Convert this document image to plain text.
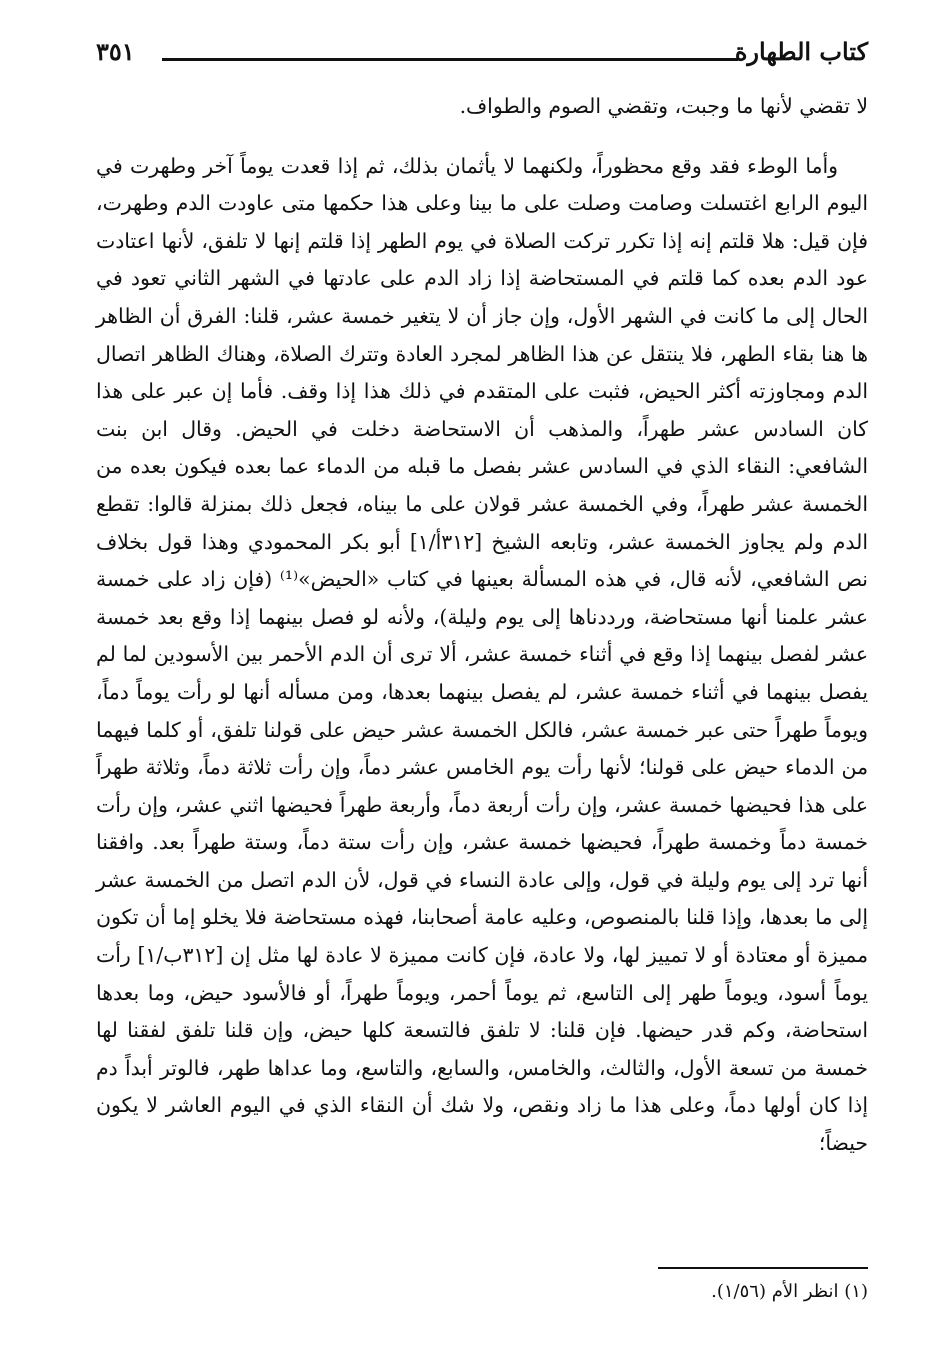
كتاب الطهارة
٣٥١

لا تقضي لأنها ما وجبت، وتقضي الصوم والطواف.

وأما الوطء فقد وقع محظوراً، ولكنهما لا يأثمان بذلك، ثم إذا قعدت يوماً آخر وطهرت في اليوم الرابع اغتسلت وصامت وصلت على ما بينا وعلى هذا حكمها متى عاودت الدم وطهرت، فإن قيل: هلا قلتم إنه إذا تكرر تركت الصلاة في يوم الطهر إذا قلتم إنها لا تلفق، لأنها اعتادت عود الدم بعده كما قلتم في المستحاضة إذا زاد الدم على عادتها في الشهر الثاني تعود في الحال إلى ما كانت في الشهر الأول، وإن جاز أن لا يتغير خمسة عشر، قلنا: الفرق أن الظاهر ها هنا بقاء الطهر، فلا ينتقل عن هذا الظاهر لمجرد العادة وتترك الصلاة، وهناك الظاهر اتصال الدم ومجاوزته أكثر الحيض، فثبت على المتقدم في ذلك هذا إذا وقف. فأما إن عبر على هذا كان السادس عشر طهراً، والمذهب أن الاستحاضة دخلت في الحيض. وقال ابن بنت الشافعي: النقاء الذي في السادس عشر بفصل ما قبله من الدماء عما بعده فيكون بعده من الخمسة عشر طهراً، وفي الخمسة عشر قولان على ما بيناه، فجعل ذلك بمنزلة قالوا: تقطع الدم ولم يجاوز الخمسة عشر، وتابعه الشيخ [٣١٢أ/١] أبو بكر المحمودي وهذا قول بخلاف نص الشافعي، لأنه قال، في هذه المسألة بعينها في كتاب «الحيض»⁽¹⁾ (فإن زاد على خمسة عشر علمنا أنها مستحاضة، ورددناها إلى يوم وليلة)، ولأنه لو فصل بينهما إذا وقع بعد خمسة عشر لفصل بينهما إذا وقع في أثناء خمسة عشر، ألا ترى أن الدم الأحمر بين الأسودين لما لم يفصل بينهما في أثناء خمسة عشر، لم يفصل بينهما بعدها، ومن مسأله أنها لو رأت يوماً دماً، ويوماً طهراً حتى عبر خمسة عشر، فالكل الخمسة عشر حيض على قولنا تلفق، أو كلما فيهما من الدماء حيض على قولنا؛ لأنها رأت يوم الخامس عشر دماً، وإن رأت ثلاثة دماً، وثلاثة طهراً على هذا فحيضها خمسة عشر، وإن رأت أربعة دماً، وأربعة طهراً فحيضها اثني عشر، وإن رأت خمسة دماً وخمسة طهراً، فحيضها خمسة عشر، وإن رأت ستة دماً، وستة طهراً بعد. وافقنا أنها ترد إلى يوم وليلة في قول، وإلى عادة النساء في قول، لأن الدم اتصل من الخمسة عشر إلى ما بعدها، وإذا قلنا بالمنصوص، وعليه عامة أصحابنا، فهذه مستحاضة فلا يخلو إما أن تكون مميزة أو معتادة أو لا تمييز لها، ولا عادة، فإن كانت مميزة لا عادة لها مثل إن [٣١٢ب/١] رأت يوماً أسود، ويوماً طهر إلى التاسع، ثم يوماً أحمر، ويوماً طهراً، أو فالأسود حيض، وما بعدها استحاضة، وكم قدر حيضها. فإن قلنا: لا تلفق فالتسعة كلها حيض، وإن قلنا تلفق لفقنا لها خمسة من تسعة الأول، والثالث، والخامس، والسابع، والتاسع، وما عداها طهر، فالوتر أبداً دم إذا كان أولها دماً، وعلى هذا ما زاد ونقص، ولا شك أن النقاء الذي في اليوم العاشر لا يكون حيضاً؛

(١) انظر الأم (١/٥٦).
